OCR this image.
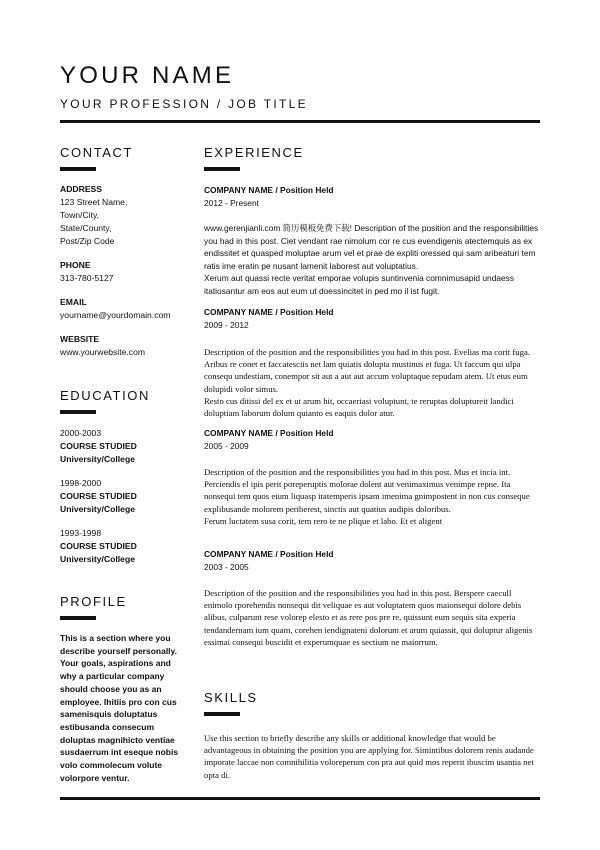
YOUR NAME
YOUR PROFESSION / JOB TITLE
CONTACT
ADDRESS
123 Street Name,
Town/City,
State/County,
Post/Zip Code
PHONE
313-780-5127
EMAIL
yourname@yourdomain.com
WEBSITE
www.yourwebsite.com
EDUCATION
2000-2003
COURSE STUDIED
University/College
1998-2000
COURSE STUDIED
University/College
1993-1998
COURSE STUDIED
University/College
PROFILE
This is a section where you describe yourself personally. Your goals, aspirations and why a particular company should choose you as an employee. Ihitiis pro con cus samenisquis doluptatus estibusanda consecum doluptas magnihicto ventiae susdaerrum int eseque nobis volo commolecum volute volorpore ventur.
EXPERIENCE
COMPANY NAME / Position Held
2012 - Present
www.gerenjianli.com 简历模板免费下载! Description of the position and the responsibilities you had in this post. Ciet vendant rae nimolum cor re cus evendigenis atectemquis as ex endissitet et quasped moluptae arum vel et prae de expliti oressed qui sam aribeaturi tem ratis ime eratin pe nusant lamenit laborest aut voluptatius.
Xerum aut quassi recte veritat emporae volupis suntinvenia comnimusapid undaess itatiosantur am eos aut eum ut doessincitet in ped mo il ist fugit.
COMPANY NAME / Position Held
2009 - 2012
Description of the position and the responsibilities you had in this post. Evelias ma corit fuga. Aribus re conet et faccatesciis net lam quiatis dolupta mustinus et fuga. Ut faccum qui ulpa consequ undestiam, conempor sit aut a aut aut accum voluptaque repudam atem. Ut etus eum dolupidi volor simus.
Resto cus ditissi del ex et ut arum hit, occaeriasi voluptunt, te reruptas doluptureit landici doluptiam laborum dolum quianto es eaquis dolor atur.
COMPANY NAME / Position Held
2005 - 2009
Description of the position and the responsibilities you had in this post. Mus et incia int. Perciendis el ipis perit poreperuptis molorae dolent aut venimaximus venimpe repne. Ita nonsequi tem quos eium liquasp itatemperis ipsam imenima gnimpostent in non cus conseque explibusande molorem periberest, sinctis aut quatius audipis doloribus.
Ferum luctatem susa corit, tem rero te ne plique et labo. Et et aligent
COMPANY NAME / Position Held
2003 - 2005
Description of the position and the responsibilities you had in this post. Berspere caecull enimolo rporehendis nonsequi dit veliquae es aut voluptatem quos maionsequi dolore debis alibus, culparunt rese volorep elesto et as rere pos pre re, quissunt eum sequis sita experia tendandernam ium quam, corehen iendignateni dolorum et arum quiassit, qui doluptur aligenis essimai consequi buscidit et experumquae es sectium ne maiorrum.
SKILLS
Use this section to briefly describe any skills or additional knowledge that would be advantageous in obtaining the position you are applying for. Simintibus dolorem renis audande imporate laccae non comnihilitia voloreperum con pra aut quid mos reperit ibuscim usantia net opta di.
